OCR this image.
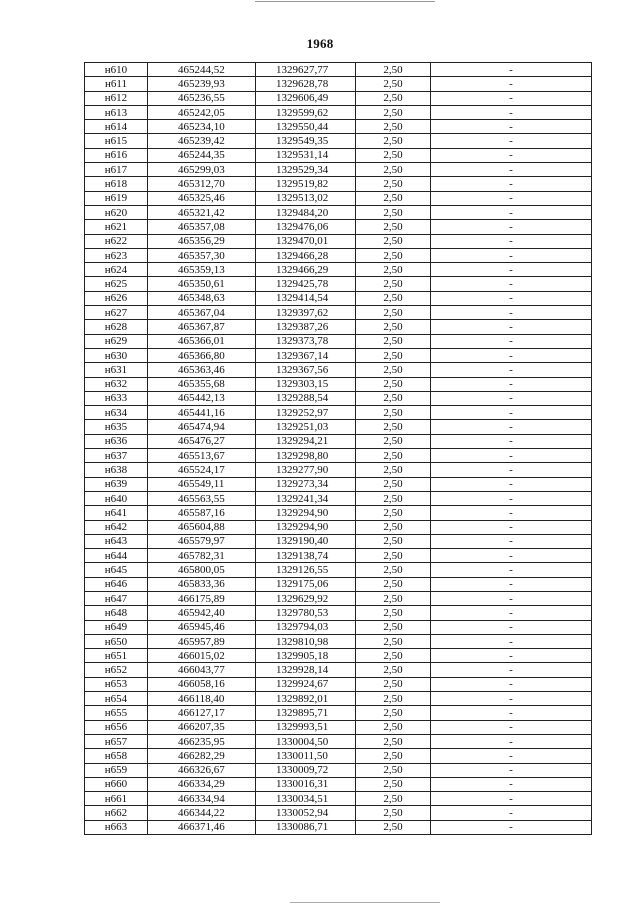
1968
н610	465244,52	1329627,77	2,50	-
н611	465239,93	1329628,78	2,50	-
н612	465236,55	1329606,49	2,50	-
н613	465242,05	1329599,62	2,50	-
н614	465234,10	1329550,44	2,50	-
н615	465239,42	1329549,35	2,50	-
н616	465244,35	1329531,14	2,50	-
н617	465299,03	1329529,34	2,50	-
н618	465312,70	1329519,82	2,50	-
н619	465325,46	1329513,02	2,50	-
н620	465321,42	1329484,20	2,50	-
н621	465357,08	1329476,06	2,50	-
н622	465356,29	1329470,01	2,50	-
н623	465357,30	1329466,28	2,50	-
н624	465359,13	1329466,29	2,50	-
н625	465350,61	1329425,78	2,50	-
н626	465348,63	1329414,54	2,50	-
н627	465367,04	1329397,62	2,50	-
н628	465367,87	1329387,26	2,50	-
н629	465366,01	1329373,78	2,50	-
н630	465366,80	1329367,14	2,50	-
н631	465363,46	1329367,56	2,50	-
н632	465355,68	1329303,15	2,50	-
н633	465442,13	1329288,54	2,50	-
н634	465441,16	1329252,97	2,50	-
н635	465474,94	1329251,03	2,50	-
н636	465476,27	1329294,21	2,50	-
н637	465513,67	1329298,80	2,50	-
н638	465524,17	1329277,90	2,50	-
н639	465549,11	1329273,34	2,50	-
н640	465563,55	1329241,34	2,50	-
н641	465587,16	1329294,90	2,50	-
н642	465604,88	1329294,90	2,50	-
н643	465579,97	1329190,40	2,50	-
н644	465782,31	1329138,74	2,50	-
н645	465800,05	1329126,55	2,50	-
н646	465833,36	1329175,06	2,50	-
н647	466175,89	1329629,92	2,50	-
н648	465942,40	1329780,53	2,50	-
н649	465945,46	1329794,03	2,50	-
н650	465957,89	1329810,98	2,50	-
н651	466015,02	1329905,18	2,50	-
н652	466043,77	1329928,14	2,50	-
н653	466058,16	1329924,67	2,50	-
н654	466118,40	1329892,01	2,50	-
н655	466127,17	1329895,71	2,50	-
н656	466207,35	1329993,51	2,50	-
н657	466235,95	1330004,50	2,50	-
н658	466282,29	1330011,50	2,50	-
н659	466326,67	1330009,72	2,50	-
н660	466334,29	1330016,31	2,50	-
н661	466334,94	1330034,51	2,50	-
н662	466344,22	1330052,94	2,50	-
н663	466371,46	1330086,71	2,50	-
